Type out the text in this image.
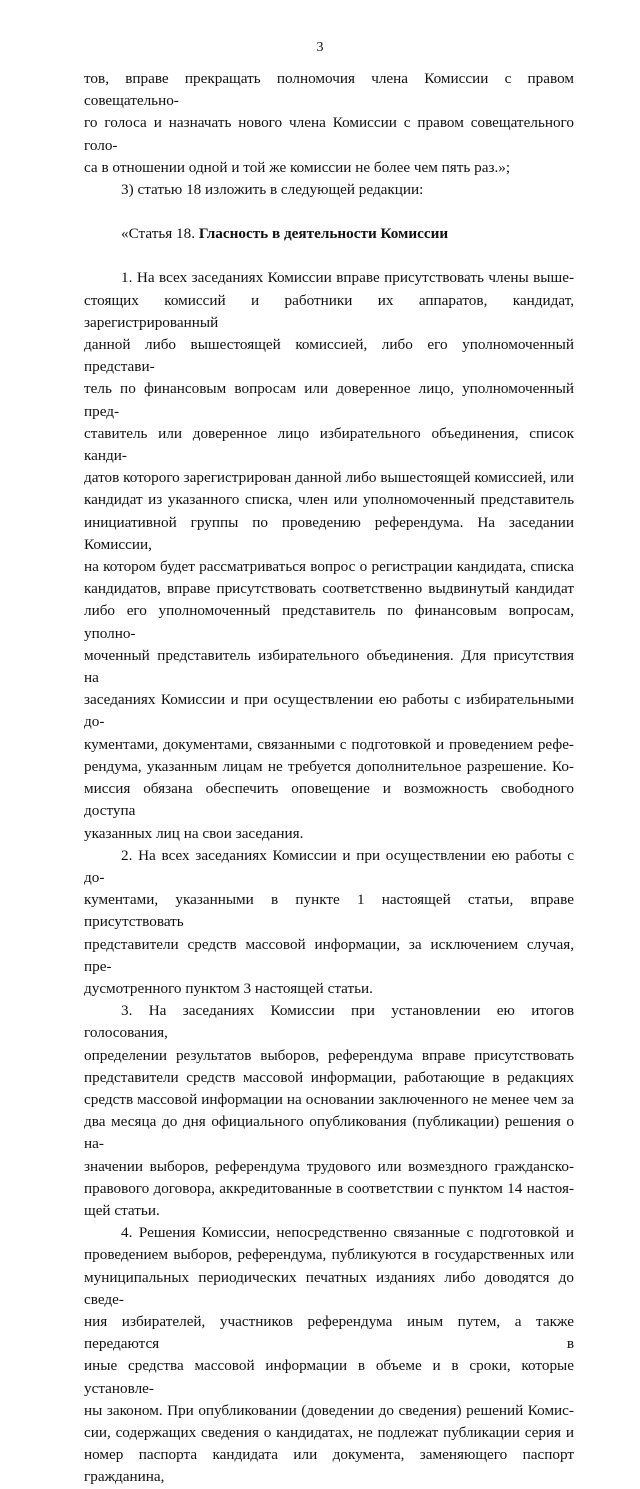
3

тов, вправе прекращать полномочия члена Комиссии с правом совещательно-

го голоса и назначать нового члена Комиссии с правом совещательного голо-

са в отношении одной и той же комиссии не более чем пять раз.»;

3) статью 18 изложить в следующей редакции:

«Статья 18. Гласность в деятельности Комиссии

1. На всех заседаниях Комиссии вправе присутствовать члены выше-

стоящих комиссий и работники их аппаратов, кандидат, зарегистрированный

данной либо вышестоящей комиссией, либо его уполномоченный представи-

тель по финансовым вопросам или доверенное лицо, уполномоченный пред-

ставитель или доверенное лицо избирательного объединения, список канди-

датов которого зарегистрирован данной либо вышестоящей комиссией, или

кандидат из указанного списка, член или уполномоченный представитель

инициативной группы по проведению референдума. На заседании Комиссии,

на котором будет рассматриваться вопрос о регистрации кандидата, списка

кандидатов, вправе присутствовать соответственно выдвинутый кандидат

либо его уполномоченный представитель по финансовым вопросам, уполно-

моченный представитель избирательного объединения. Для присутствия на

заседаниях Комиссии и при осуществлении ею работы с избирательными до-

кументами, документами, связанными с подготовкой и проведением рефе-

рендума, указанным лицам не требуется дополнительное разрешение. Ко-

миссия обязана обеспечить оповещение и возможность свободного доступа

указанных лиц на свои заседания.

2. На всех заседаниях Комиссии и при осуществлении ею работы с до-

кументами, указанными в пункте 1 настоящей статьи, вправе присутствовать

представители средств массовой информации, за исключением случая, пре-

дусмотренного пунктом 3 настоящей статьи.

3. На заседаниях Комиссии при установлении ею итогов голосования,

определении результатов выборов, референдума вправе присутствовать

представители средств массовой информации, работающие в редакциях

средств массовой информации на основании заключенного не менее чем за

два месяца до дня официального опубликования (публикации) решения о на-

значении выборов, референдума трудового или возмездного гражданско-

правового договора, аккредитованные в соответствии с пунктом 14 настоя-

щей статьи.

4. Решения Комиссии, непосредственно связанные с подготовкой и

проведением выборов, референдума, публикуются в государственных или

муниципальных периодических печатных изданиях либо доводятся до сведе-

ния избирателей, участников референдума иным путем, а также передаются в

иные средства массовой информации в объеме и в сроки, которые установле-

ны законом. При опубликовании (доведении до сведения) решений Комис-

сии, содержащих сведения о кандидатах, не подлежат публикации серия и

номер паспорта кандидата или документа, заменяющего паспорт гражданина,
